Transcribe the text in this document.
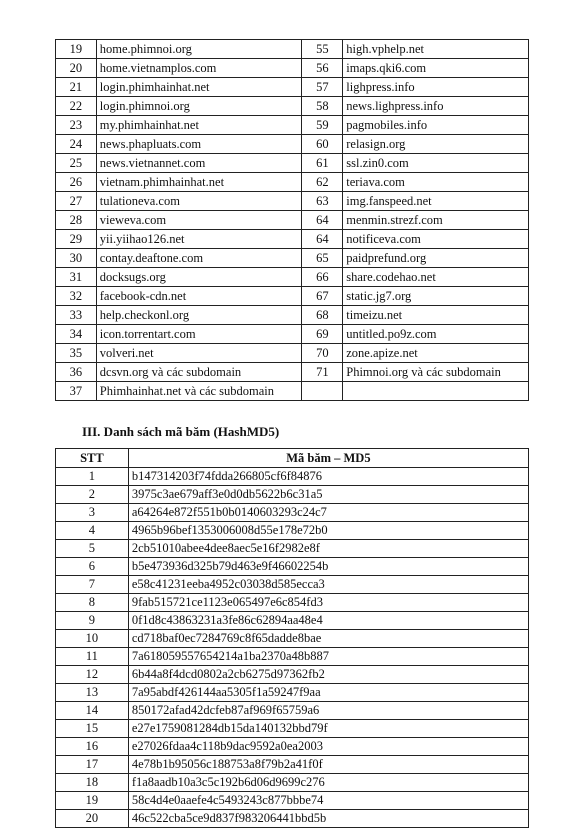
19	home.phimnoi.org	55	high.vphelp.net
20	home.vietnamplos.com	56	imaps.qki6.com
21	login.phimhainhat.net	57	lighpress.info
22	login.phimnoi.org	58	news.lighpress.info
23	my.phimhainhat.net	59	pagmobiles.info
24	news.phapluats.com	60	relasign.org
25	news.vietnannet.com	61	ssl.zin0.com
26	vietnam.phimhainhat.net	62	teriava.com
27	tulationeva.com	63	img.fanspeed.net
28	vieweva.com	64	menmin.strezf.com
29	yii.yiihao126.net	64	notificeva.com
30	contay.deaftone.com	65	paidprefund.org
31	docksugs.org	66	share.codehao.net
32	facebook-cdn.net	67	static.jg7.org
33	help.checkonl.org	68	timeizu.net
34	icon.torrentart.com	69	untitled.po9z.com
35	volveri.net	70	zone.apize.net
36	dcsvn.org và các subdomain	71	Phimnoi.org và các subdomain
37	Phimhainhat.net và các subdomain		
III. Danh sách mã băm (HashMD5)
STT	Mã băm – MD5
1	b147314203f74fdda266805cf6f84876
2	3975c3ae679aff3e0d0db5622b6c31a5
3	a64264e872f551b0b0140603293c24c7
4	4965b96bef1353006008d55e178e72b0
5	2cb51010abee4dee8aec5e16f2982e8f
6	b5e473936d325b79d463e9f46602254b
7	e58c41231eeba4952c03038d585ecca3
8	9fab515721ce1123e065497e6c854fd3
9	0f1d8c43863231a3fe86c62894aa48e4
10	cd718baf0ec7284769c8f65dadde8bae
11	7a618059557654214a1ba2370a48b887
12	6b44a8f4dcd0802a2cb6275d97362fb2
13	7a95abdf426144aa5305f1a59247f9aa
14	850172afad42dcfeb87af969f65759a6
15	e27e1759081284db15da140132bbd79f
16	e27026fdaa4c118b9dac9592a0ea2003
17	4e78b1b95056c188753a8f79b2a41f0f
18	f1a8aadb10a3c5c192b6d06d9699c276
19	58c4d4e0aaefe4c5493243c877bbbe74
20	46c522cba5ce9d837f983206441bbd5b
